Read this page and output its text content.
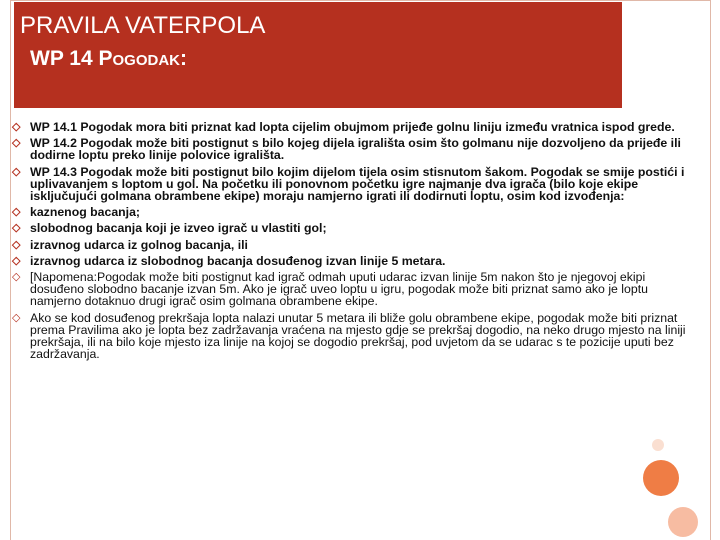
PRAVILA VATERPOLA
WP 14 Pogodak:
◇ WP 14.1 Pogodak mora biti priznat kad lopta cijelim obujmom prijeđe golnu liniju između vratnica ispod grede.
◇ WP 14.2 Pogodak može biti postignut s bilo kojeg dijela igrališta osim što golmanu nije dozvoljeno da prijeđe ili dodirne loptu preko linije polovice igrališta.
◇ WP 14.3 Pogodak može biti postignut bilo kojim dijelom tijela osim stisnutom šakom. Pogodak se smije postići i uplivavanjem s loptom u gol. Na početku ili ponovnom početku igre najmanje dva igrača (bilo koje ekipe isključujući golmana obrambene ekipe) moraju namjerno igrati ili dodirnuti loptu, osim kod izvođenja:
◇ kaznenog bacanja;
◇ slobodnog bacanja koji je izveo igrač u vlastiti gol;
◇ izravnog udarca iz golnog bacanja, ili
◇ izravnog udarca iz slobodnog bacanja dosuđenog izvan linije 5 metara.
◇ [Napomena:Pogodak može biti postignut kad igrač odmah uputi udarac izvan linije 5m nakon što je njegovoj ekipi dosuđeno slobodno bacanje izvan 5m. Ako je igrač uveo loptu u igru, pogodak može biti priznat samo ako je loptu namjerno dotaknuo drugi igrač osim golmana obrambene ekipe.
◇ Ako se kod dosuđenog prekršaja lopta nalazi unutar 5 metara ili bliže golu obrambene ekipe, pogodak može biti priznat prema Pravilima ako je lopta bez zadržavanja vraćena na mjesto gdje se prekršaj dogodio, na neko drugo mjesto na liniji prekršaja, ili na bilo koje mjesto iza linije na kojoj se dogodio prekršaj, pod uvjetom da se udarac s te pozicije uputi bez zadržavanja.
